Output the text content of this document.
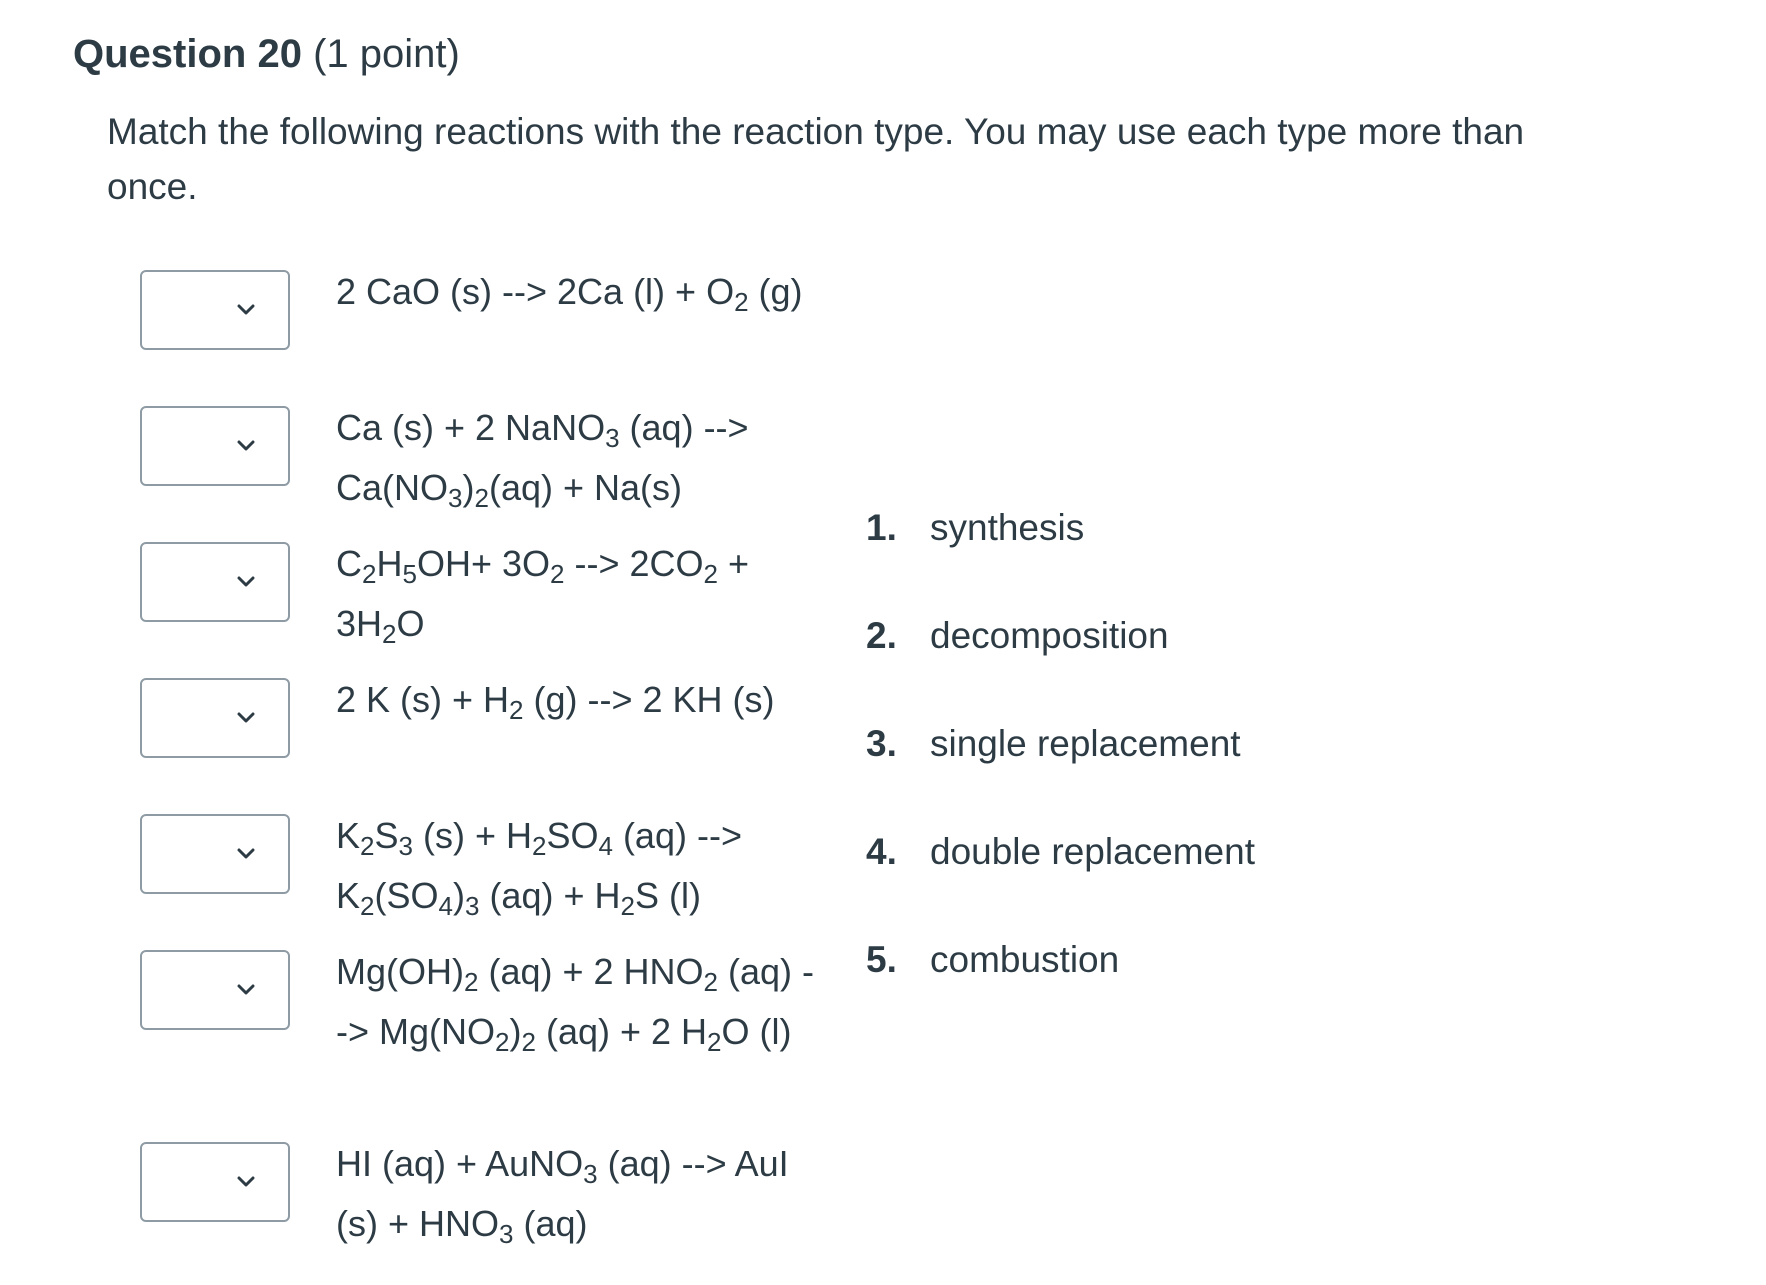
Question 20 (1 point)
Match the following reactions with the reaction type. You may use each type more than once.
2 CaO (s) --> 2Ca $(l) + O_2$ (g)
Ca (s) + 2 NaNO$_3$ (aq) --> $Ca(NO_3)_2(aq) + Na(s)$
$C_2H_5OH+ 3O_2$ --> $2CO_2 + 3H_2O$
2 K $(s) + H_2$ (g) --> 2 KH (s)
$K_2S_3$ $(s) + H_2SO_4$ (aq) --> $K_2(SO_4)_3$ $(aq) + H_2S$ (l)
$Mg(OH)_2$ (aq) + 2 $HNO_2$ (aq) --> $Mg(NO_2)_2$ (aq) + 2 $H_2O$ (l)
HI (aq) + AuNO$_3$ (aq) --> AuI $(s) + HNO_3$ (aq)
1. synthesis
2. decomposition
3. single replacement
4. double replacement
5. combustion
